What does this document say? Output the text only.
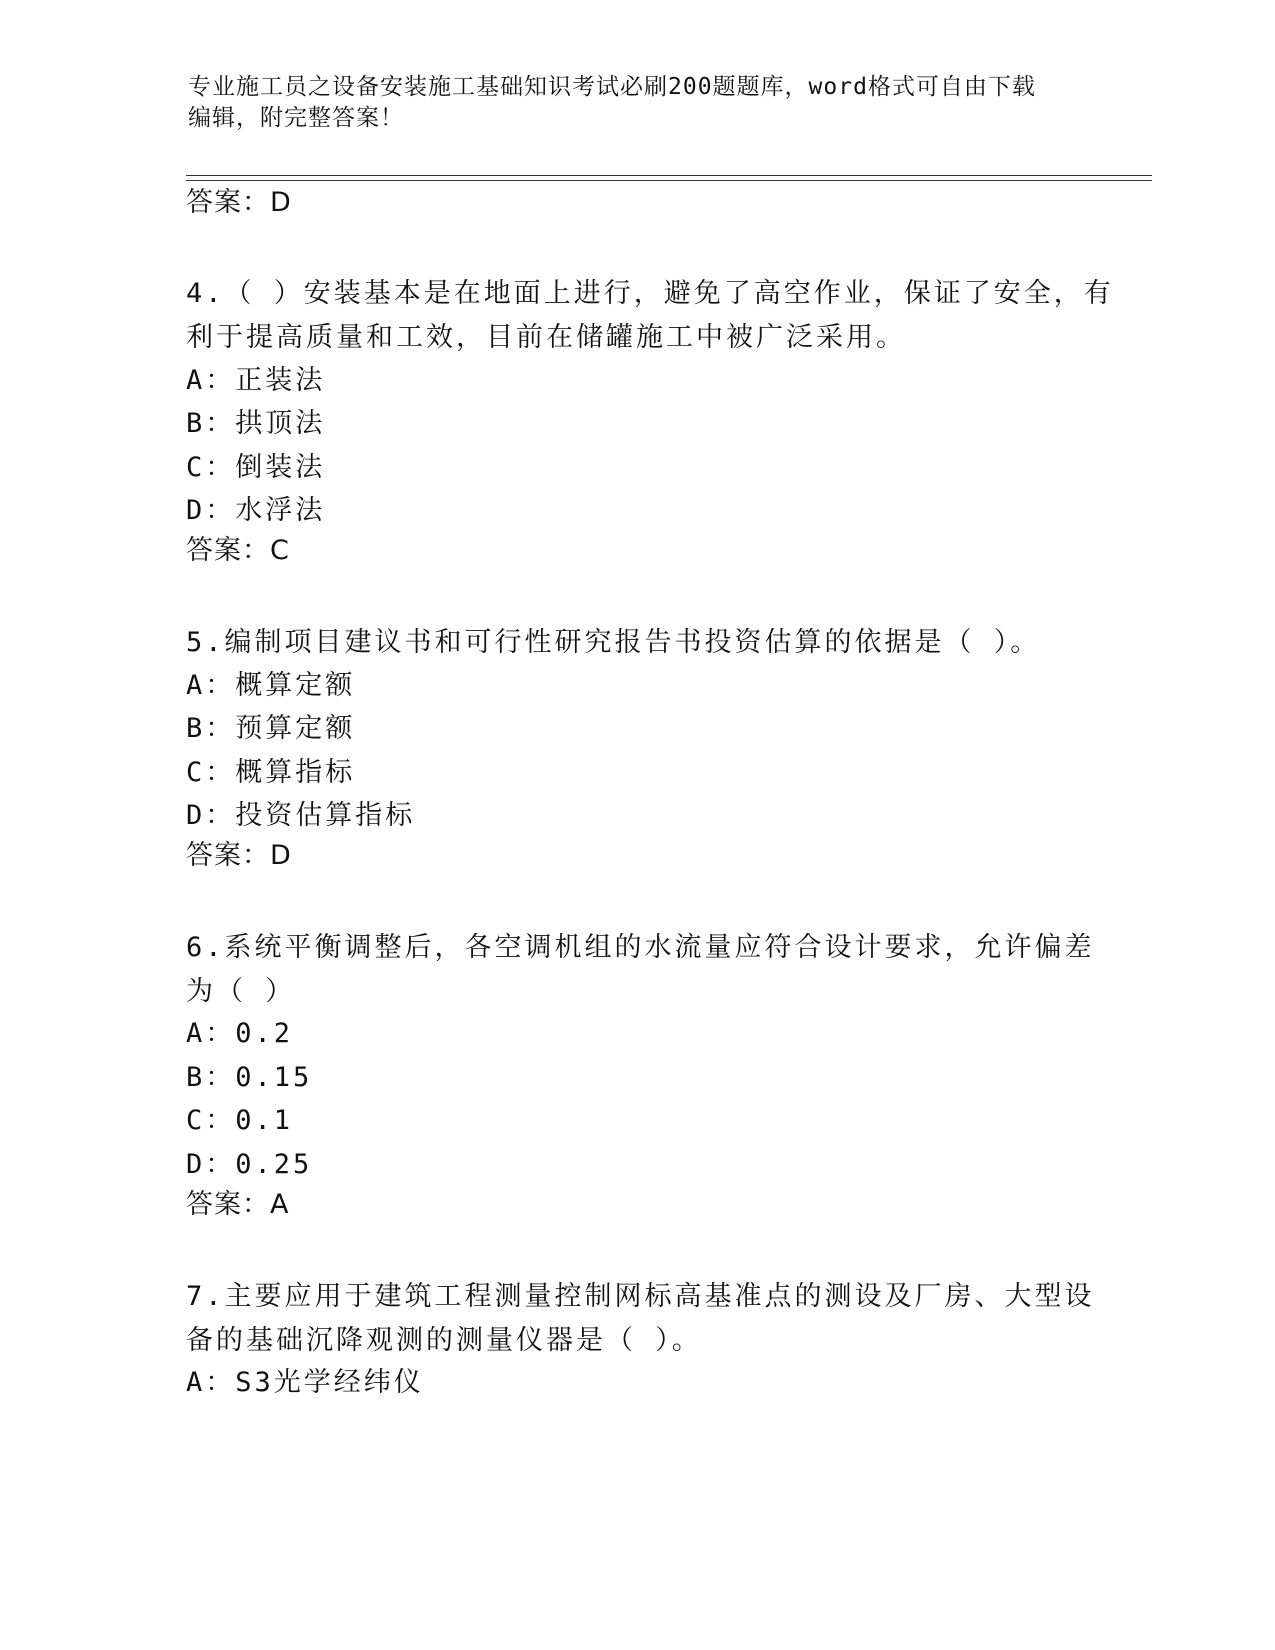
专业施工员之设备安装施工基础知识考试必刷200题题库，word格式可自由下载
编辑，附完整答案！
答案：D
4.（ ）安装基本是在地面上进行，避免了高空作业，保证了安全，有
利于提高质量和工效，目前在储罐施工中被广泛采用。
A：正装法
B：拱顶法
C：倒装法
D：水浮法
答案：C
5.编制项目建议书和可行性研究报告书投资估算的依据是（ ）。
A：概算定额
B：预算定额
C：概算指标
D：投资估算指标
答案：D
6.系统平衡调整后，各空调机组的水流量应符合设计要求，允许偏差
为（ ）
A：0.2
B：0.15
C：0.1
D：0.25
答案：A
7.主要应用于建筑工程测量控制网标高基准点的测设及厂房、大型设
备的基础沉降观测的测量仪器是（ ）。
A：S3光学经纬仪
